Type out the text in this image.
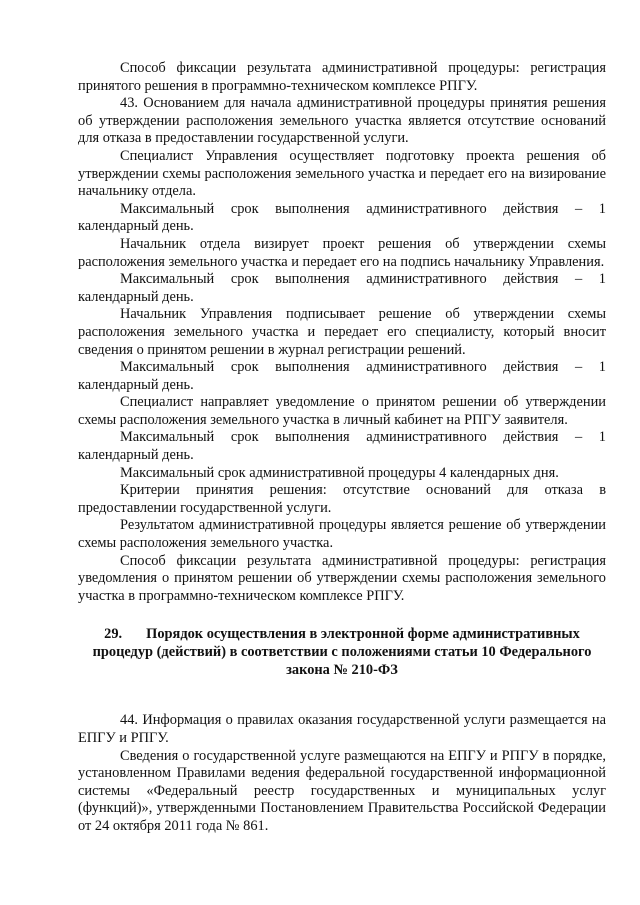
Способ фиксации результата административной процедуры: регистрация принятого решения в программно-техническом комплексе РПГУ.

43. Основанием для начала административной процедуры принятия решения об утверждении расположения земельного участка является отсутствие оснований для отказа в предоставлении государственной услуги.

Специалист Управления осуществляет подготовку проекта решения об утверждении схемы расположения земельного участка и передает его на визирование начальнику отдела.

Максимальный срок выполнения административного действия – 1 календарный день.

Начальник отдела визирует проект решения об утверждении схемы расположения земельного участка и передает его на подпись начальнику Управления.

Максимальный срок выполнения административного действия – 1 календарный день.

Начальник Управления подписывает решение об утверждении схемы расположения земельного участка и передает его специалисту, который вносит сведения о принятом решении в журнал регистрации решений.

Максимальный срок выполнения административного действия – 1 календарный день.

Специалист направляет уведомление о принятом решении об утверждении схемы расположения земельного участка в личный кабинет на РПГУ заявителя.

Максимальный срок выполнения административного действия – 1 календарный день.

Максимальный срок административной процедуры 4 календарных дня.

Критерии принятия решения: отсутствие оснований для отказа в предоставлении государственной услуги.

Результатом административной процедуры является решение об утверждении схемы расположения земельного участка.

Способ фиксации результата административной процедуры: регистрация уведомления о принятом решении об утверждении схемы расположения земельного участка в программно-техническом комплексе РПГУ.

29. Порядок осуществления в электронной форме административных процедур (действий) в соответствии с положениями статьи 10 Федерального закона № 210-ФЗ

44. Информация о правилах оказания государственной услуги размещается на ЕПГУ и РПГУ.

Сведения о государственной услуге размещаются на ЕПГУ и РПГУ в порядке, установленном Правилами ведения федеральной государственной информационной системы «Федеральный реестр государственных и муниципальных услуг (функций)», утвержденными Постановлением Правительства Российской Федерации от 24 октября 2011 года № 861.
